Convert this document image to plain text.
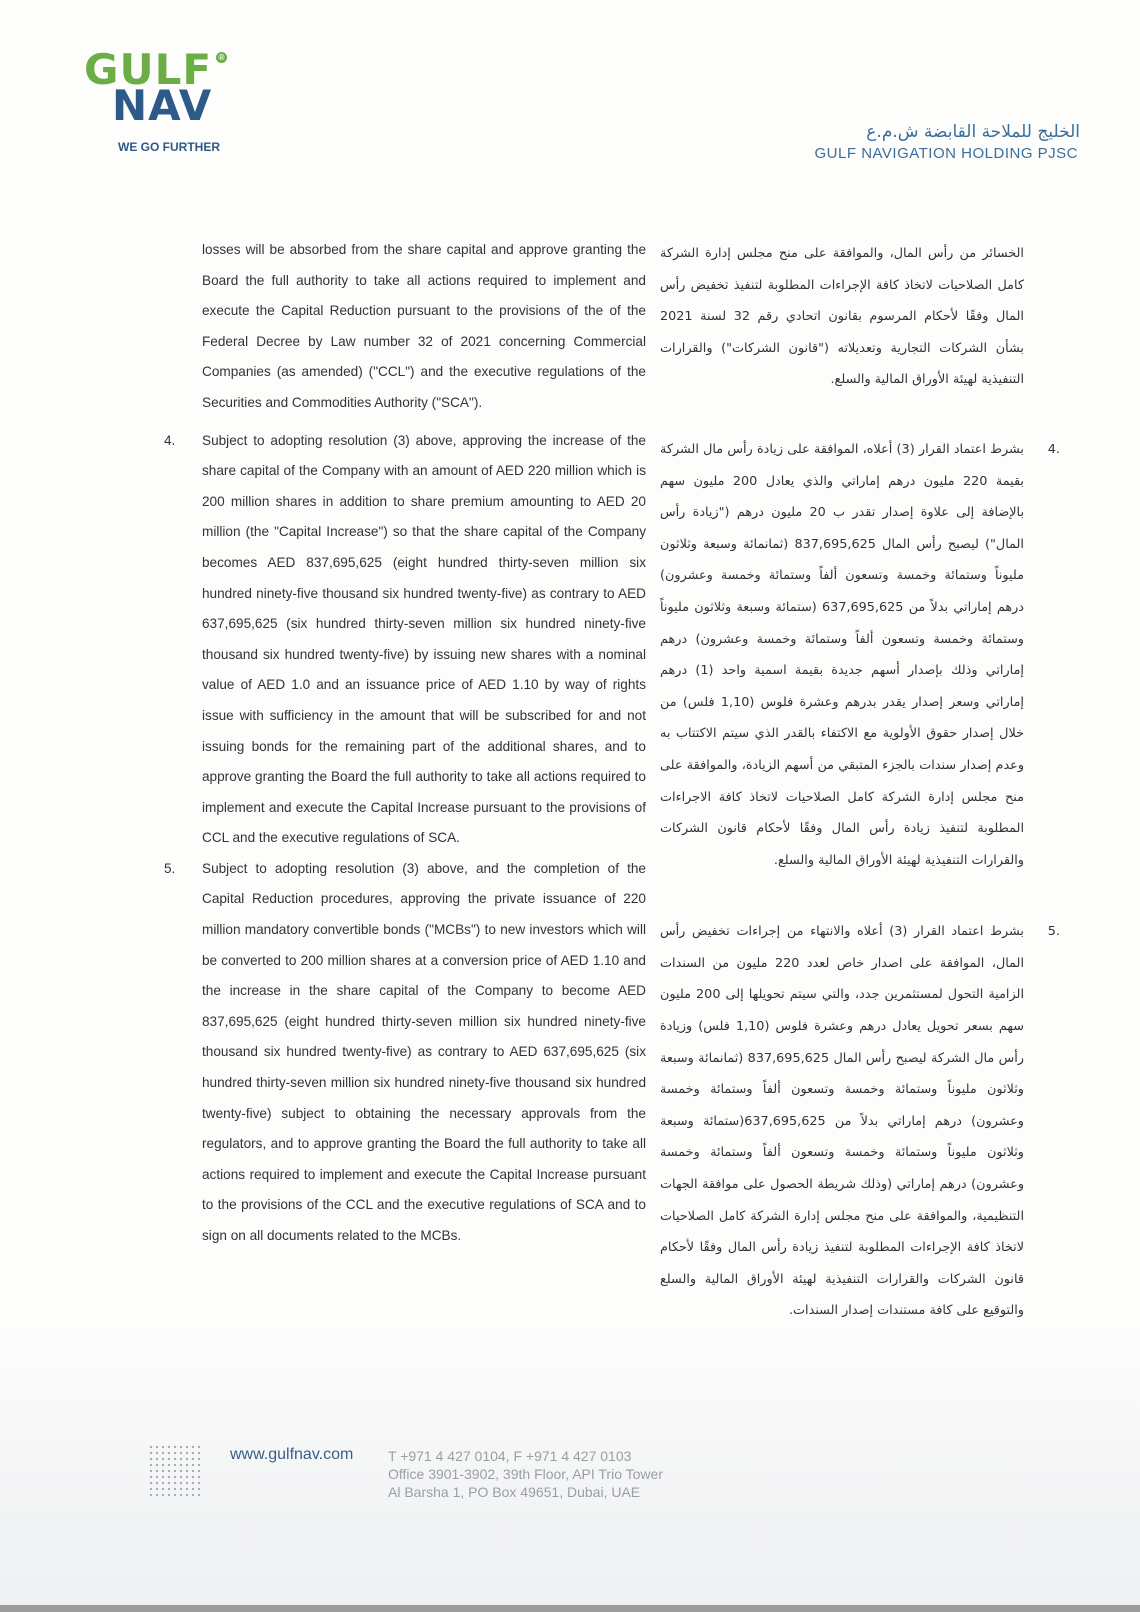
GULF ®
NAV
WE GO FURTHER
الخليج للملاحة القابضة ش.م.ع
GULF NAVIGATION HOLDING PJSC

losses will be absorbed from the share capital and approve granting the Board the full authority to take all actions required to implement and execute the Capital Reduction pursuant to the provisions of the of the Federal Decree by Law number 32 of 2021 concerning Commercial Companies (as amended) ("CCL") and the executive regulations of the Securities and Commodities Authority ("SCA").

4. Subject to adopting resolution (3) above, approving the increase of the share capital of the Company with an amount of AED 220 million which is 200 million shares in addition to share premium amounting to AED 20 million (the "Capital Increase") so that the share capital of the Company becomes AED 837,695,625 (eight hundred thirty-seven million six hundred ninety-five thousand six hundred twenty-five) as contrary to AED 637,695,625 (six hundred thirty-seven million six hundred ninety-five thousand six hundred twenty-five) by issuing new shares with a nominal value of AED 1.0 and an issuance price of AED 1.10 by way of rights issue with sufficiency in the amount that will be subscribed for and not issuing bonds for the remaining part of the additional shares, and to approve granting the Board the full authority to take all actions required to implement and execute the Capital Increase pursuant to the provisions of CCL and the executive regulations of SCA.
5. Subject to adopting resolution (3) above, and the completion of the Capital Reduction procedures, approving the private issuance of 220 million mandatory convertible bonds ("MCBs") to new investors which will be converted to 200 million shares at a conversion price of AED 1.10 and the increase in the share capital of the Company to become AED 837,695,625 (eight hundred thirty-seven million six hundred ninety-five thousand six hundred twenty-five) as contrary to AED 637,695,625 (six hundred thirty-seven million six hundred ninety-five thousand six hundred twenty-five) subject to obtaining the necessary approvals from the regulators, and to approve granting the Board the full authority to take all actions required to implement and execute the Capital Increase pursuant to the provisions of the CCL and the executive regulations of SCA and to sign on all documents related to the MCBs.

الخسائر من رأس المال، والموافقة على منح مجلس إدارة الشركة كامل الصلاحيات لاتخاذ كافة الإجراءات المطلوبة لتنفيذ تخفيض رأس المال وفقًا لأحكام المرسوم بقانون اتحادي رقم 32 لسنة 2021 بشأن الشركات التجارية وتعديلاته ("قانون الشركات") والقرارات التنفيذية لهيئة الأوراق المالية والسلع.

.4
بشرط اعتماد القرار (3) أعلاه، الموافقة على زيادة رأس مال الشركة بقيمة 220 مليون درهم إماراتي والذي يعادل 200 مليون سهم بالإضافة إلى علاوة إصدار تقدر ب 20 مليون درهم ("زيادة رأس المال") ليصبح رأس المال 837,695,625 (ثمانمائة وسبعة وثلاثون مليوناً وستمائة وخمسة وتسعون ألفاً وستمائة وخمسة وعشرون) درهم إماراتي بدلاً من 637,695,625 (ستمائة وسبعة وثلاثون مليوناً وستمائة وخمسة وتسعون ألفاً وستمائة وخمسة وعشرون) درهم إماراتي وذلك بإصدار أسهم جديدة بقيمة اسمية واحد (1) درهم إماراتي وسعر إصدار يقدر بدرهم وعشرة فلوس (1,10 فلس) من خلال إصدار حقوق الأولوية مع الاكتفاء بالقدر الذي سيتم الاكتتاب به وعدم إصدار سندات بالجزء المتبقي من أسهم الزيادة، والموافقة على منح مجلس إدارة الشركة كامل الصلاحيات لاتخاذ كافة الاجراءات المطلوبة لتنفيذ زيادة رأس المال وفقًا لأحكام قانون الشركات والقرارات التنفيذية لهيئة الأوراق المالية والسلع.
.5
بشرط اعتماد القرار (3) أعلاه والانتهاء من إجراءات تخفيض رأس المال، الموافقة على اصدار خاص لعدد 220 مليون من السندات الزامية التحول لمستثمرين جدد، والتي سيتم تحويلها إلى 200 مليون سهم بسعر تحويل يعادل درهم وعشرة فلوس (1,10 فلس) وزيادة رأس مال الشركة ليصبح رأس المال 837,695,625 (ثمانمائة وسبعة وثلاثون مليوناً وستمائة وخمسة وتسعون ألفاً وستمائة وخمسة وعشرون) درهم إماراتي بدلاً من 637,695,625(ستمائة وسبعة وثلاثون مليوناً وستمائة وخمسة وتسعون ألفاً وستمائة وخمسة وعشرون) درهم إماراتي (وذلك شريطة الحصول على موافقة الجهات التنظيمية، والموافقة على منح مجلس إدارة الشركة كامل الصلاحيات لاتخاذ كافة الإجراءات المطلوبة لتنفيذ زيادة رأس المال وفقًا لأحكام قانون الشركات والقرارات التنفيذية لهيئة الأوراق المالية والسلع والتوقيع على كافة مستندات إصدار السندات.
www.gulfnav.com T +971 4 427 0104, F +971 4 427 0103
Office 3901-3902, 39th Floor, API Trio Tower
Al Barsha 1, PO Box 49651, Dubai, UAE
